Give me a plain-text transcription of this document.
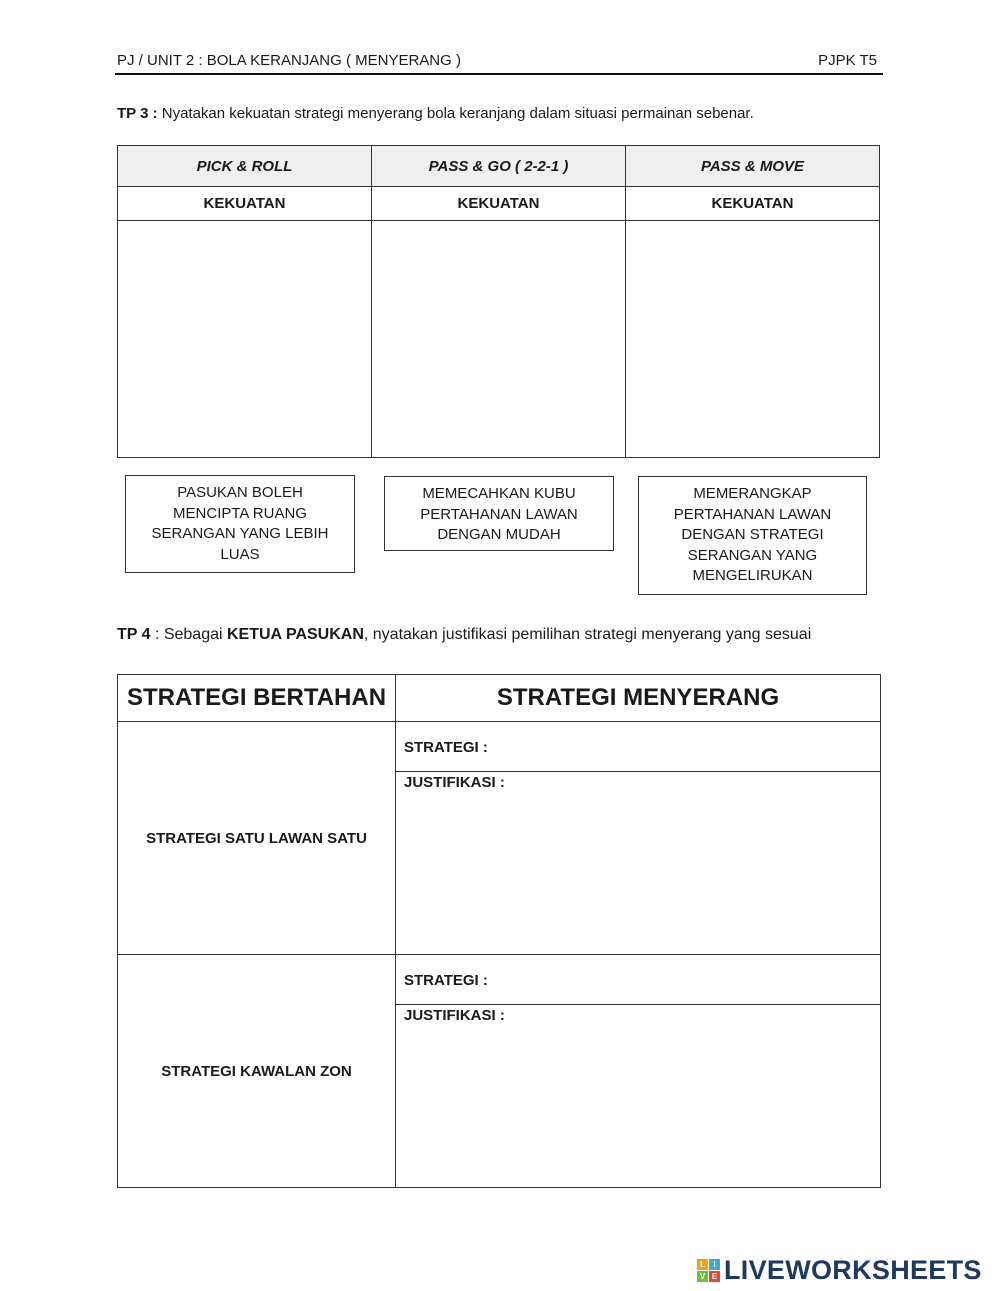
PJ / UNIT 2 : BOLA KERANJANG ( MENYERANG )	PJPK T5
TP 3 : Nyatakan kekuatan strategi menyerang bola keranjang dalam situasi permainan sebenar.
PICK & ROLL	PASS & GO ( 2-2-1 )	PASS & MOVE
KEKUATAN	KEKUATAN	KEKUATAN

PASUKAN BOLEH
MENCIPTA RUANG
SERANGAN YANG LEBIH
LUAS
MEMECAHKAN KUBU
PERTAHANAN LAWAN
DENGAN MUDAH
MEMERANGKAP
PERTAHANAN LAWAN
DENGAN STRATEGI
SERANGAN YANG
MENGELIRUKAN
TP 4 : Sebagai KETUA PASUKAN, nyatakan justifikasi pemilihan strategi menyerang yang sesuai
STRATEGI BERTAHAN	STRATEGI MENYERANG
STRATEGI SATU LAWAN SATU	STRATEGI :
	JUSTIFIKASI :
STRATEGI KAWALAN ZON	STRATEGI :
	JUSTIFIKASI :
L	I
V E LIVEWORKSHEETS
